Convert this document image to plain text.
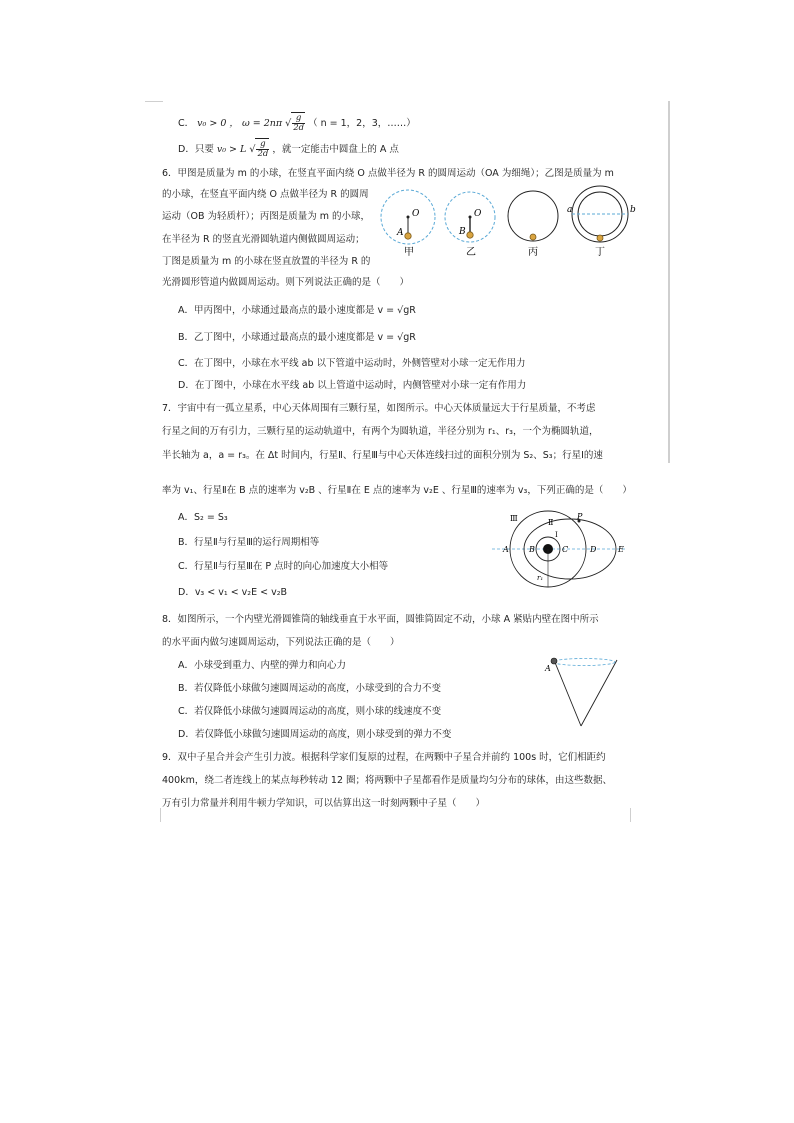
C． v₀ > 0 ， ω = 2nπ √ $\frac{g}{2d}$ （ n = 1，2，3，……）
D．只要 v₀ > L √ $\frac{g}{2d}$ ，就一定能击中圆盘上的 A 点
6．甲图是质量为 m 的小球，在竖直平面内绕 O 点做半径为 R 的圆周运动（OA 为细绳）；乙图是质量为 m
的小球，在竖直平面内绕 O 点做半径为 R 的圆周
运动（OB 为轻质杆）；丙图是质量为 m 的小球，
在半径为 R 的竖直光滑圆轨道内侧做圆周运动；
丁图是质量为 m 的小球在竖直放置的半径为 R 的
光滑圆形管道内做圆周运动。则下列说法正确的是（　　）
O
A
甲
O
B
乙	丙
a	b
丁
A．甲丙图中，小球通过最高点的最小速度都是 v = √gR
B．乙丁图中，小球通过最高点的最小速度都是 v = √gR
C．在丁图中，小球在水平线 ab 以下管道中运动时，外侧管壁对小球一定无作用力
D．在丁图中，小球在水平线 ab 以上管道中运动时，内侧管壁对小球一定有作用力
7．宇宙中有一孤立星系，中心天体周围有三颗行星，如图所示。中心天体质量远大于行星质量，不考虑
行星之间的万有引力，三颗行星的运动轨道中，有两个为圆轨道，半径分别为 r₁、r₃，一个为椭圆轨道，
半长轴为 a，a = r₃。在 Δt 时间内，行星Ⅱ、行星Ⅲ与中心天体连线扫过的面积分别为 S₂、S₃；行星Ⅰ的速
率为 v₁、行星Ⅱ在 B 点的速率为 v₂B 、行星Ⅱ在 E 点的速率为 v₂E 、行星Ⅲ的速率为 v₃，下列正确的是（　　）
A．S₂ = S₃
B．行星Ⅱ与行星Ⅲ的运行周期相等
C．行星Ⅱ与行星Ⅲ在 P 点时的向心加速度大小相等
D．v₃ < v₁ < v₂E < v₂B
Ⅲ	Ⅱ
Ⅰ
P
A	B	C	D	E
r₁
8．如图所示，一个内壁光滑圆锥筒的轴线垂直于水平面，圆锥筒固定不动，小球 A 紧贴内壁在图中所示
的水平面内做匀速圆周运动，下列说法正确的是（　　）
A．小球受到重力、内壁的弹力和向心力
B．若仅降低小球做匀速圆周运动的高度，小球受到的合力不变
C．若仅降低小球做匀速圆周运动的高度，则小球的线速度不变
D．若仅降低小球做匀速圆周运动的高度，则小球受到的弹力不变
A
9．双中子星合并会产生引力波。根据科学家们复原的过程，在两颗中子星合并前约 100s 时，它们相距约
400km，绕二者连线上的某点每秒转动 12 圈；将两颗中子星都看作是质量均匀分布的球体，由这些数据、
万有引力常量并利用牛顿力学知识，可以估算出这一时刻两颗中子星（　　）
